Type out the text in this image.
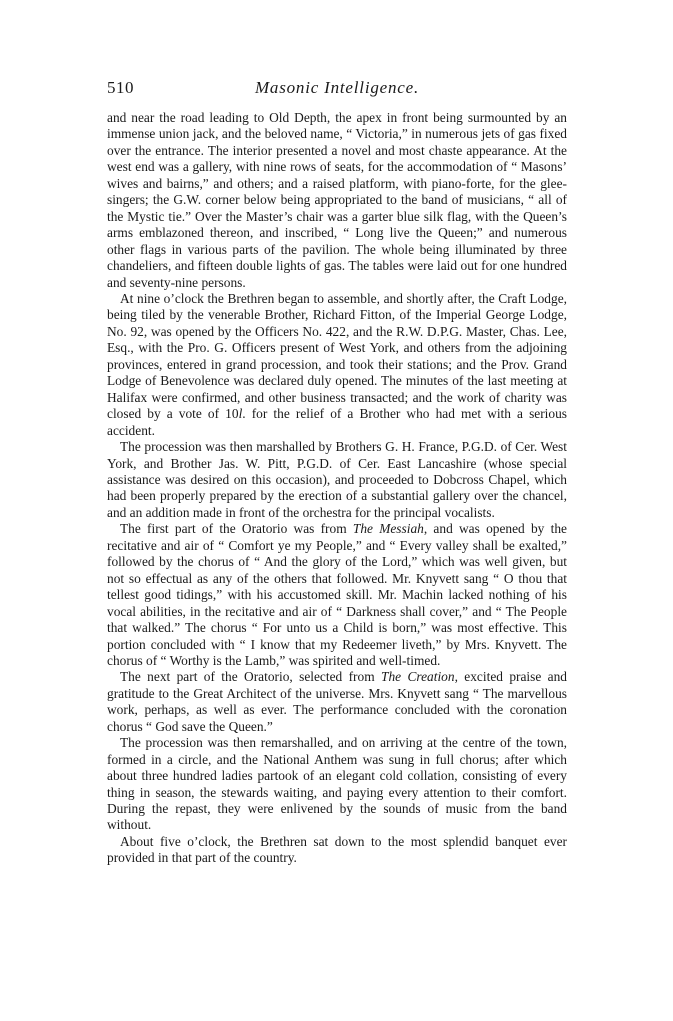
510	Masonic Intelligence.

and near the road leading to Old Depth, the apex in front being surmounted by an immense union jack, and the beloved name, “ Victoria,” in numerous jets of gas fixed over the entrance. The interior presented a novel and most chaste appearance. At the west end was a gallery, with nine rows of seats, for the accommodation of “ Masons’ wives and bairns,” and others; and a raised platform, with piano-forte, for the glee-singers; the G.W. corner below being appropriated to the band of musicians, “ all of the Mystic tie.” Over the Master’s chair was a garter blue silk flag, with the Queen’s arms emblazoned thereon, and inscribed, “ Long live the Queen;” and numerous other flags in various parts of the pavilion. The whole being illuminated by three chandeliers, and fifteen double lights of gas. The tables were laid out for one hundred and seventy-nine persons.

At nine o’clock the Brethren began to assemble, and shortly after, the Craft Lodge, being tiled by the venerable Brother, Richard Fitton, of the Imperial George Lodge, No. 92, was opened by the Officers No. 422, and the R.W. D.P.G. Master, Chas. Lee, Esq., with the Pro. G. Officers present of West York, and others from the adjoining provinces, entered in grand procession, and took their stations; and the Prov. Grand Lodge of Benevolence was declared duly opened. The minutes of the last meeting at Halifax were confirmed, and other business transacted; and the work of charity was closed by a vote of 10l. for the relief of a Brother who had met with a serious accident.

The procession was then marshalled by Brothers G. H. France, P.G.D. of Cer. West York, and Brother Jas. W. Pitt, P.G.D. of Cer. East Lancashire (whose special assistance was desired on this occasion), and proceeded to Dobcross Chapel, which had been properly prepared by the erection of a substantial gallery over the chancel, and an addition made in front of the orchestra for the principal vocalists.

The first part of the Oratorio was from The Messiah, and was opened by the recitative and air of “ Comfort ye my People,” and “ Every valley shall be exalted,” followed by the chorus of “ And the glory of the Lord,” which was well given, but not so effectual as any of the others that followed. Mr. Knyvett sang “ O thou that tellest good tidings,” with his accustomed skill. Mr. Machin lacked nothing of his vocal abilities, in the recitative and air of “ Darkness shall cover,” and “ The People that walked.” The chorus “ For unto us a Child is born,” was most effective. This portion concluded with “ I know that my Redeemer liveth,” by Mrs. Knyvett. The chorus of “ Worthy is the Lamb,” was spirited and well-timed.

The next part of the Oratorio, selected from The Creation, excited praise and gratitude to the Great Architect of the universe. Mrs. Knyvett sang “ The marvellous work, perhaps, as well as ever. The performance concluded with the coronation chorus “ God save the Queen.”

The procession was then remarshalled, and on arriving at the centre of the town, formed in a circle, and the National Anthem was sung in full chorus; after which about three hundred ladies partook of an elegant cold collation, consisting of every thing in season, the stewards waiting, and paying every attention to their comfort. During the repast, they were enlivened by the sounds of music from the band without.

About five o’clock, the Brethren sat down to the most splendid banquet ever provided in that part of the country.
